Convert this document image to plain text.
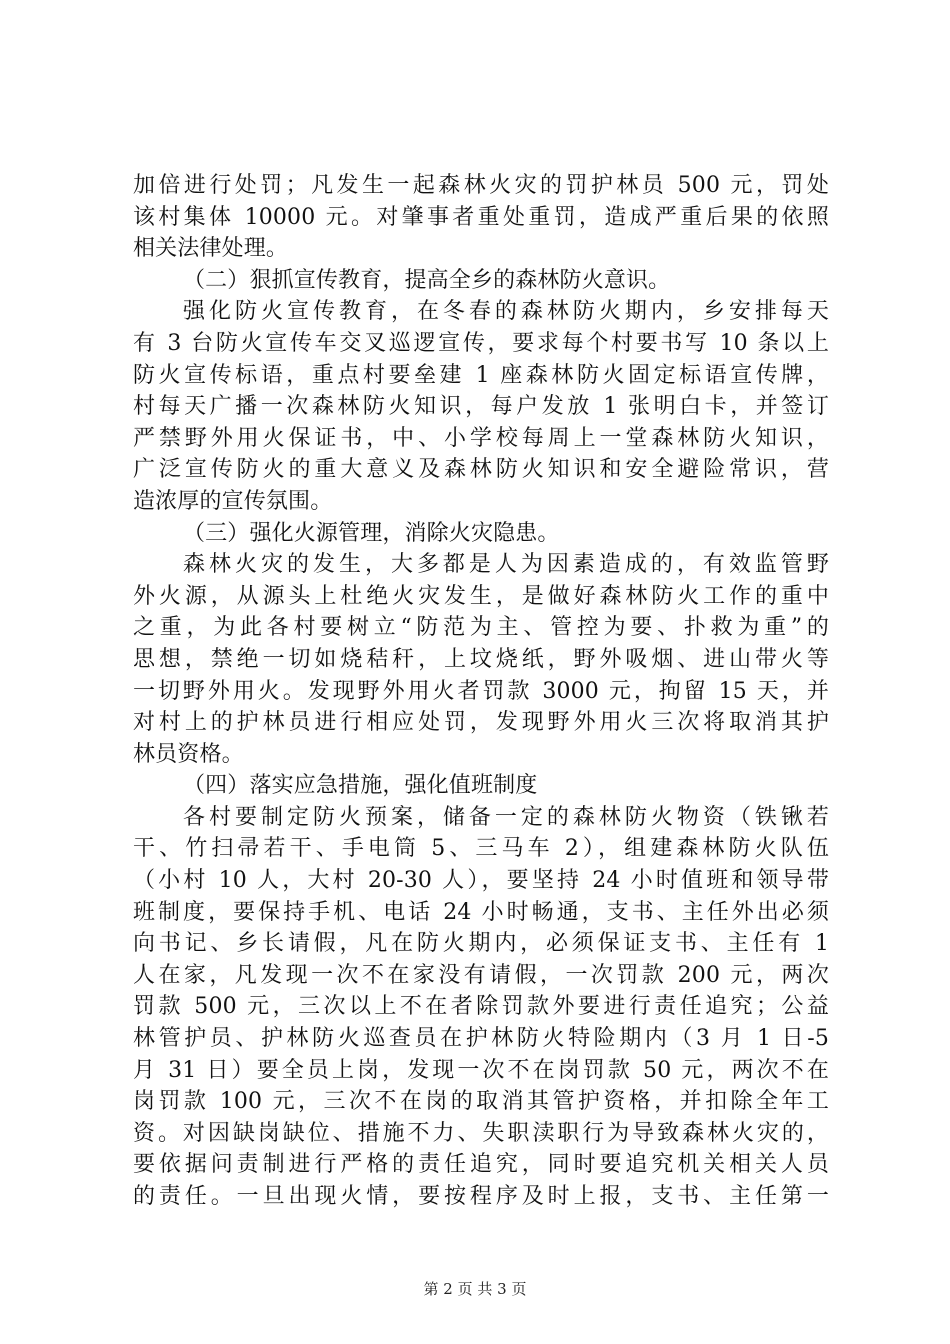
加倍进行处罚；凡发生一起森林火灾的罚护林员 500 元，罚处
该村集体 10000 元。对肇事者重处重罚，造成严重后果的依照
相关法律处理。
（二）狠抓宣传教育，提高全乡的森林防火意识。
强化防火宣传教育，在冬春的森林防火期内，乡安排每天
有 3 台防火宣传车交叉巡逻宣传，要求每个村要书写 10 条以上
防火宣传标语，重点村要垒建 1 座森林防火固定标语宣传牌，
村每天广播一次森林防火知识，每户发放 1 张明白卡，并签订
严禁野外用火保证书，中、小学校每周上一堂森林防火知识，
广泛宣传防火的重大意义及森林防火知识和安全避险常识，营
造浓厚的宣传氛围。
（三）强化火源管理，消除火灾隐患。
森林火灾的发生，大多都是人为因素造成的，有效监管野
外火源，从源头上杜绝火灾发生，是做好森林防火工作的重中
之重，为此各村要树立“防范为主、管控为要、扑救为重”的
思想，禁绝一切如烧秸秆，上坟烧纸，野外吸烟、进山带火等
一切野外用火。发现野外用火者罚款 3000 元，拘留 15 天，并
对村上的护林员进行相应处罚，发现野外用火三次将取消其护
林员资格。
（四）落实应急措施，强化值班制度
各村要制定防火预案，储备一定的森林防火物资（铁锹若
干、竹扫帚若干、手电筒 5、三马车 2），组建森林防火队伍
（小村 10 人，大村 20-30 人），要坚持 24 小时值班和领导带
班制度，要保持手机、电话 24 小时畅通，支书、主任外出必须
向书记、乡长请假，凡在防火期内，必须保证支书、主任有 1
人在家，凡发现一次不在家没有请假，一次罚款 200 元，两次
罚款 500 元，三次以上不在者除罚款外要进行责任追究；公益
林管护员、护林防火巡查员在护林防火特险期内（3 月 1 日-5
月 31 日）要全员上岗，发现一次不在岗罚款 50 元，两次不在
岗罚款 100 元，三次不在岗的取消其管护资格，并扣除全年工
资。对因缺岗缺位、措施不力、失职渎职行为导致森林火灾的，
要依据问责制进行严格的责任追究，同时要追究机关相关人员
的责任。一旦出现火情，要按程序及时上报，支书、主任第一
第 2 页 共 3 页
